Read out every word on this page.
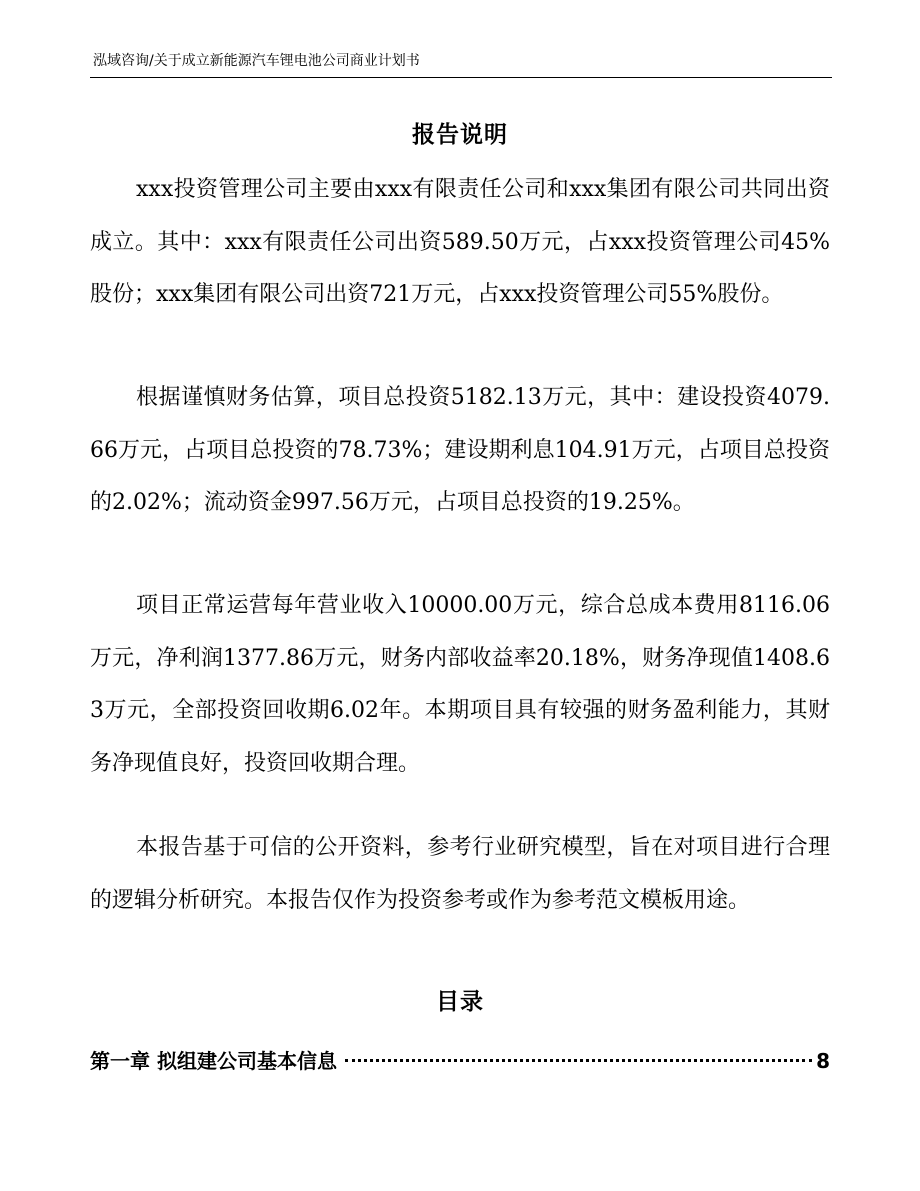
泓域咨询/关于成立新能源汽车锂电池公司商业计划书
报告说明

xxx投资管理公司主要由xxx有限责任公司和xxx集团有限公司共同出资成立。其中：xxx有限责任公司出资589.50万元，占xxx投资管理公司45%股份；xxx集团有限公司出资721万元，占xxx投资管理公司55%股份。

根据谨慎财务估算，项目总投资5182.13万元，其中：建设投资4079.66万元，占项目总投资的78.73%；建设期利息104.91万元，占项目总投资的2.02%；流动资金997.56万元，占项目总投资的19.25%。

项目正常运营每年营业收入10000.00万元，综合总成本费用8116.06万元，净利润1377.86万元，财务内部收益率20.18%，财务净现值1408.63万元，全部投资回收期6.02年。本期项目具有较强的财务盈利能力，其财务净现值良好，投资回收期合理。

本报告基于可信的公开资料，参考行业研究模型，旨在对项目进行合理的逻辑分析研究。本报告仅作为投资参考或作为参考范文模板用途。

目录
第一章 拟组建公司基本信息	8
